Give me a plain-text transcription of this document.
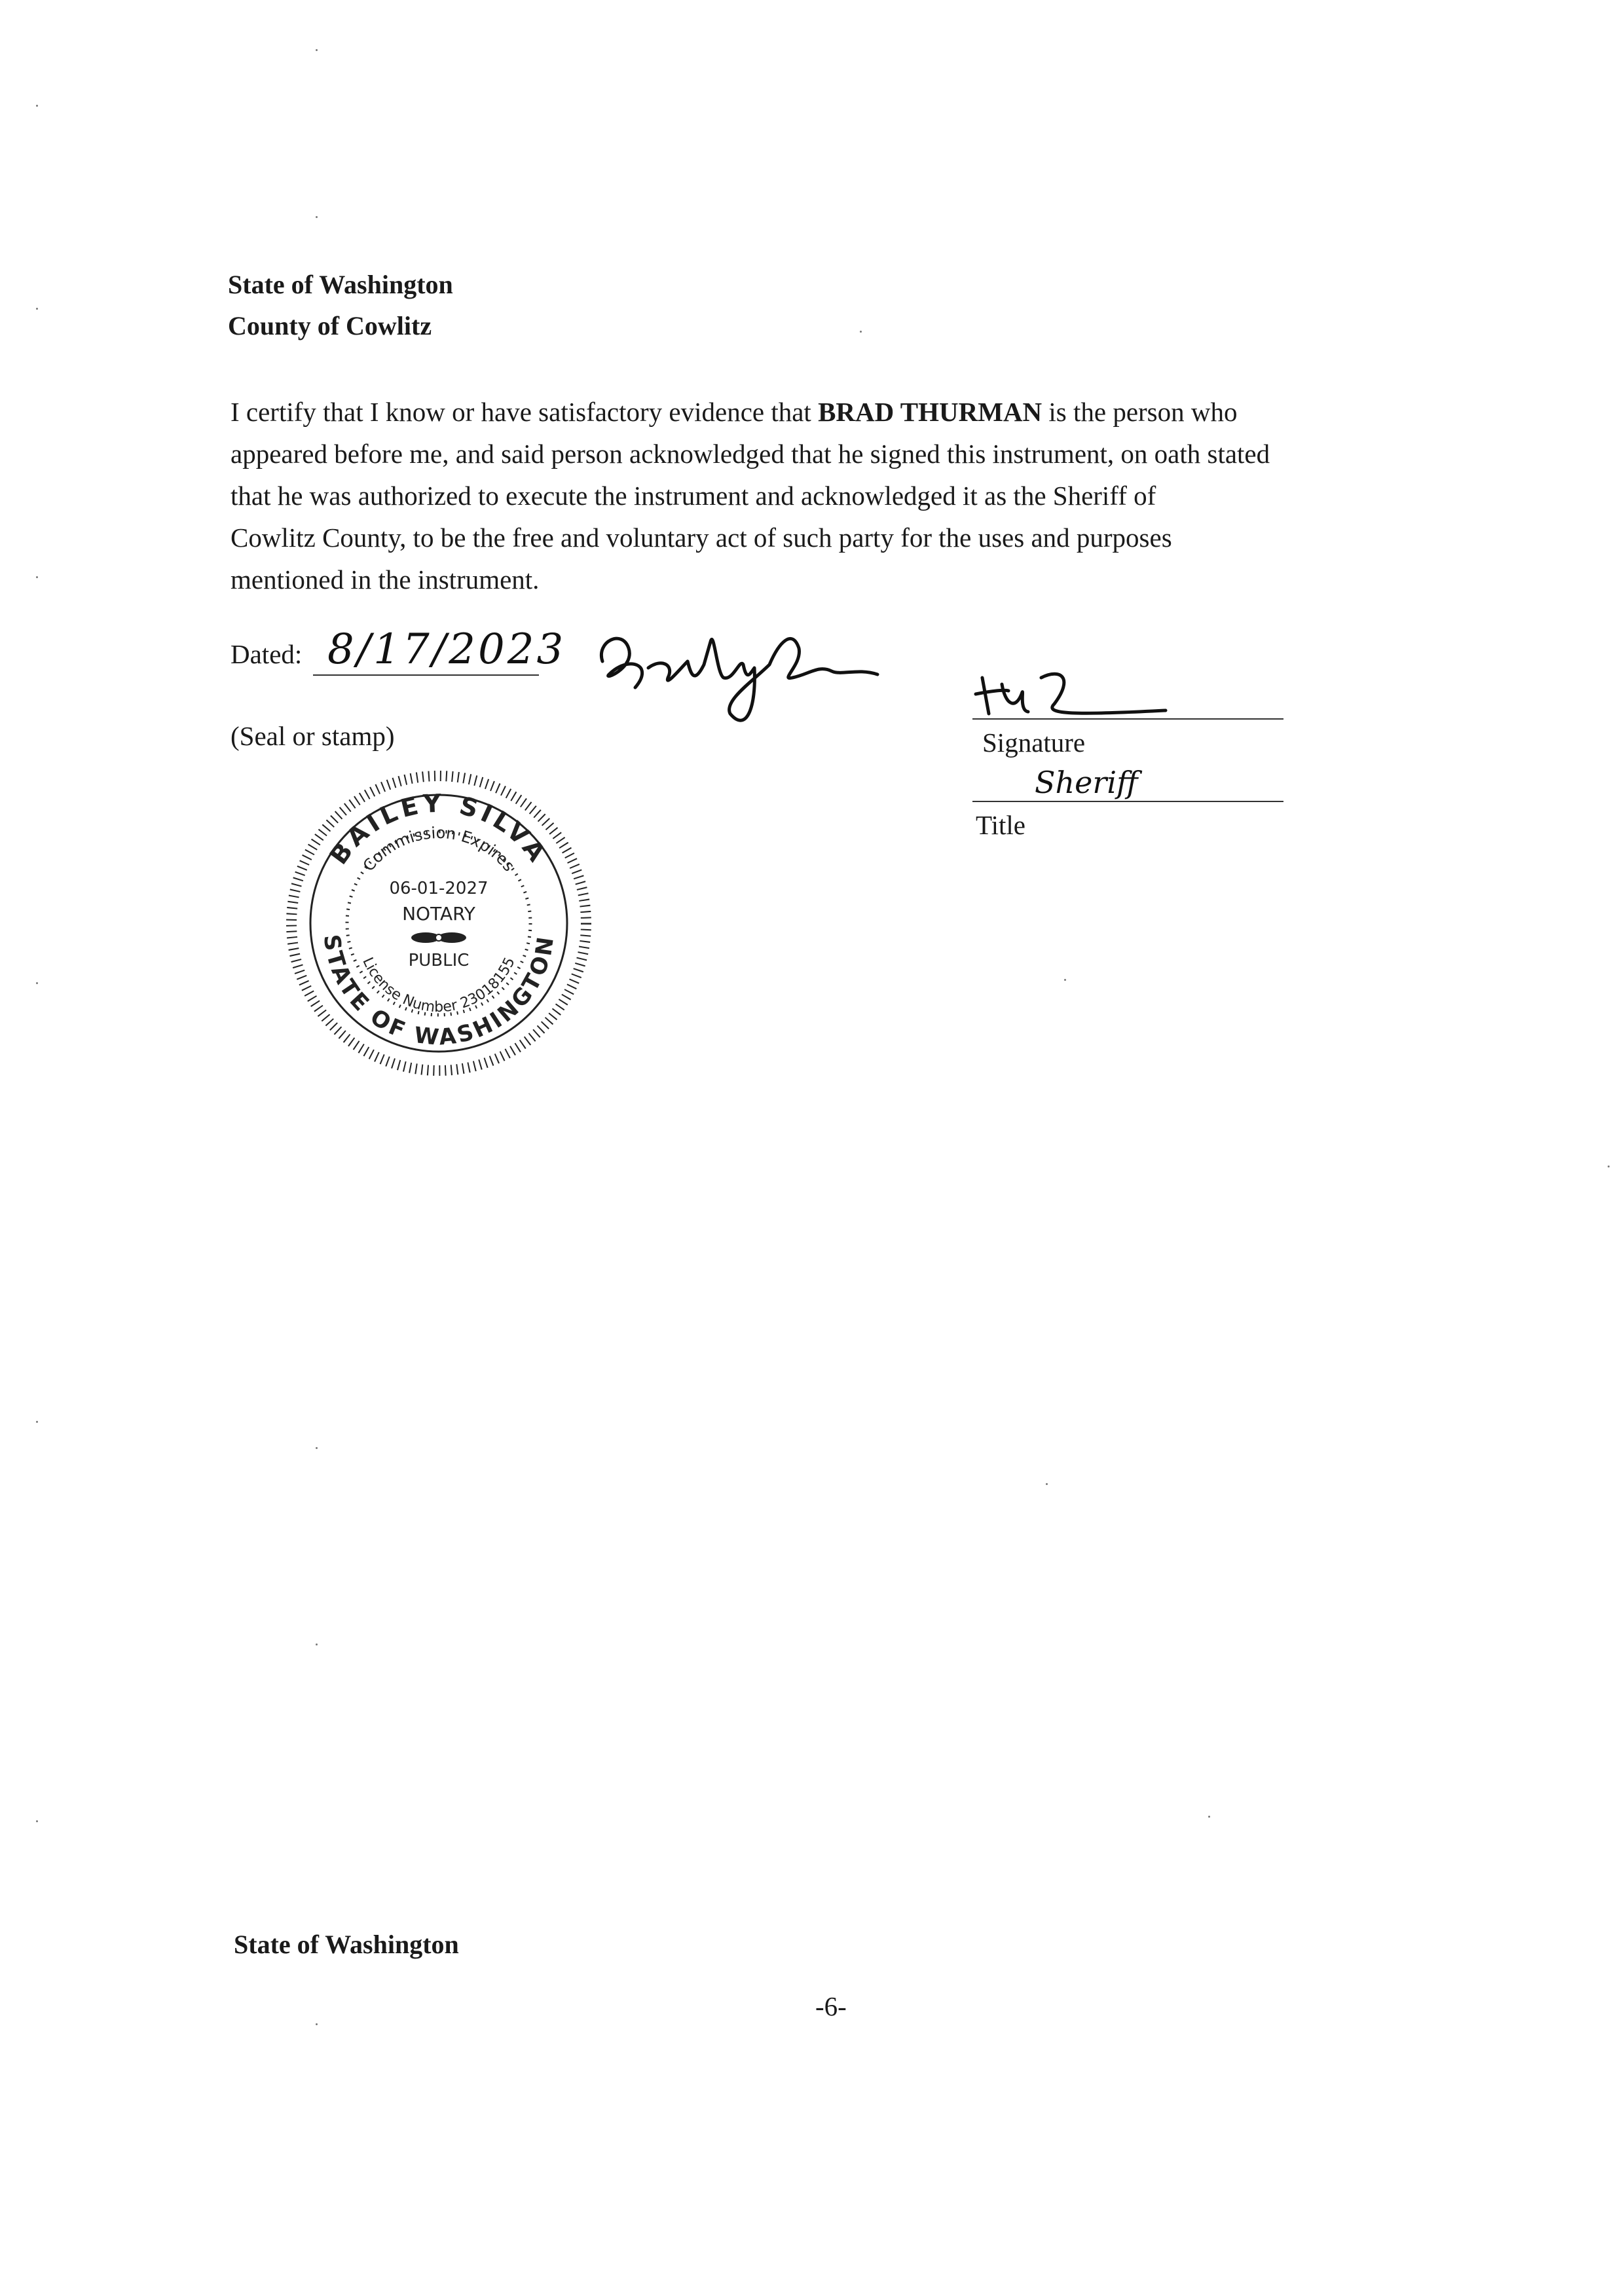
State of Washington
County of Cowlitz
I certify that I know or have satisfactory evidence that BRAD THURMAN is the person who
appeared before me, and said person acknowledged that he signed this instrument, on oath stated
that he was authorized to execute the instrument and acknowledged it as the Sheriff of
Cowlitz County, to be the free and voluntary act of such party for the uses and purposes
mentioned in the instrument.
Dated: 8/17/2023
(Seal or stamp)
BAILEY SILVA
STATE OF WASHINGTON
Commission Expires
License Number 23018155
06-01-2027
NOTARY
PUBLIC
Signature
Sheriff
Title
State of Washington
-6-
